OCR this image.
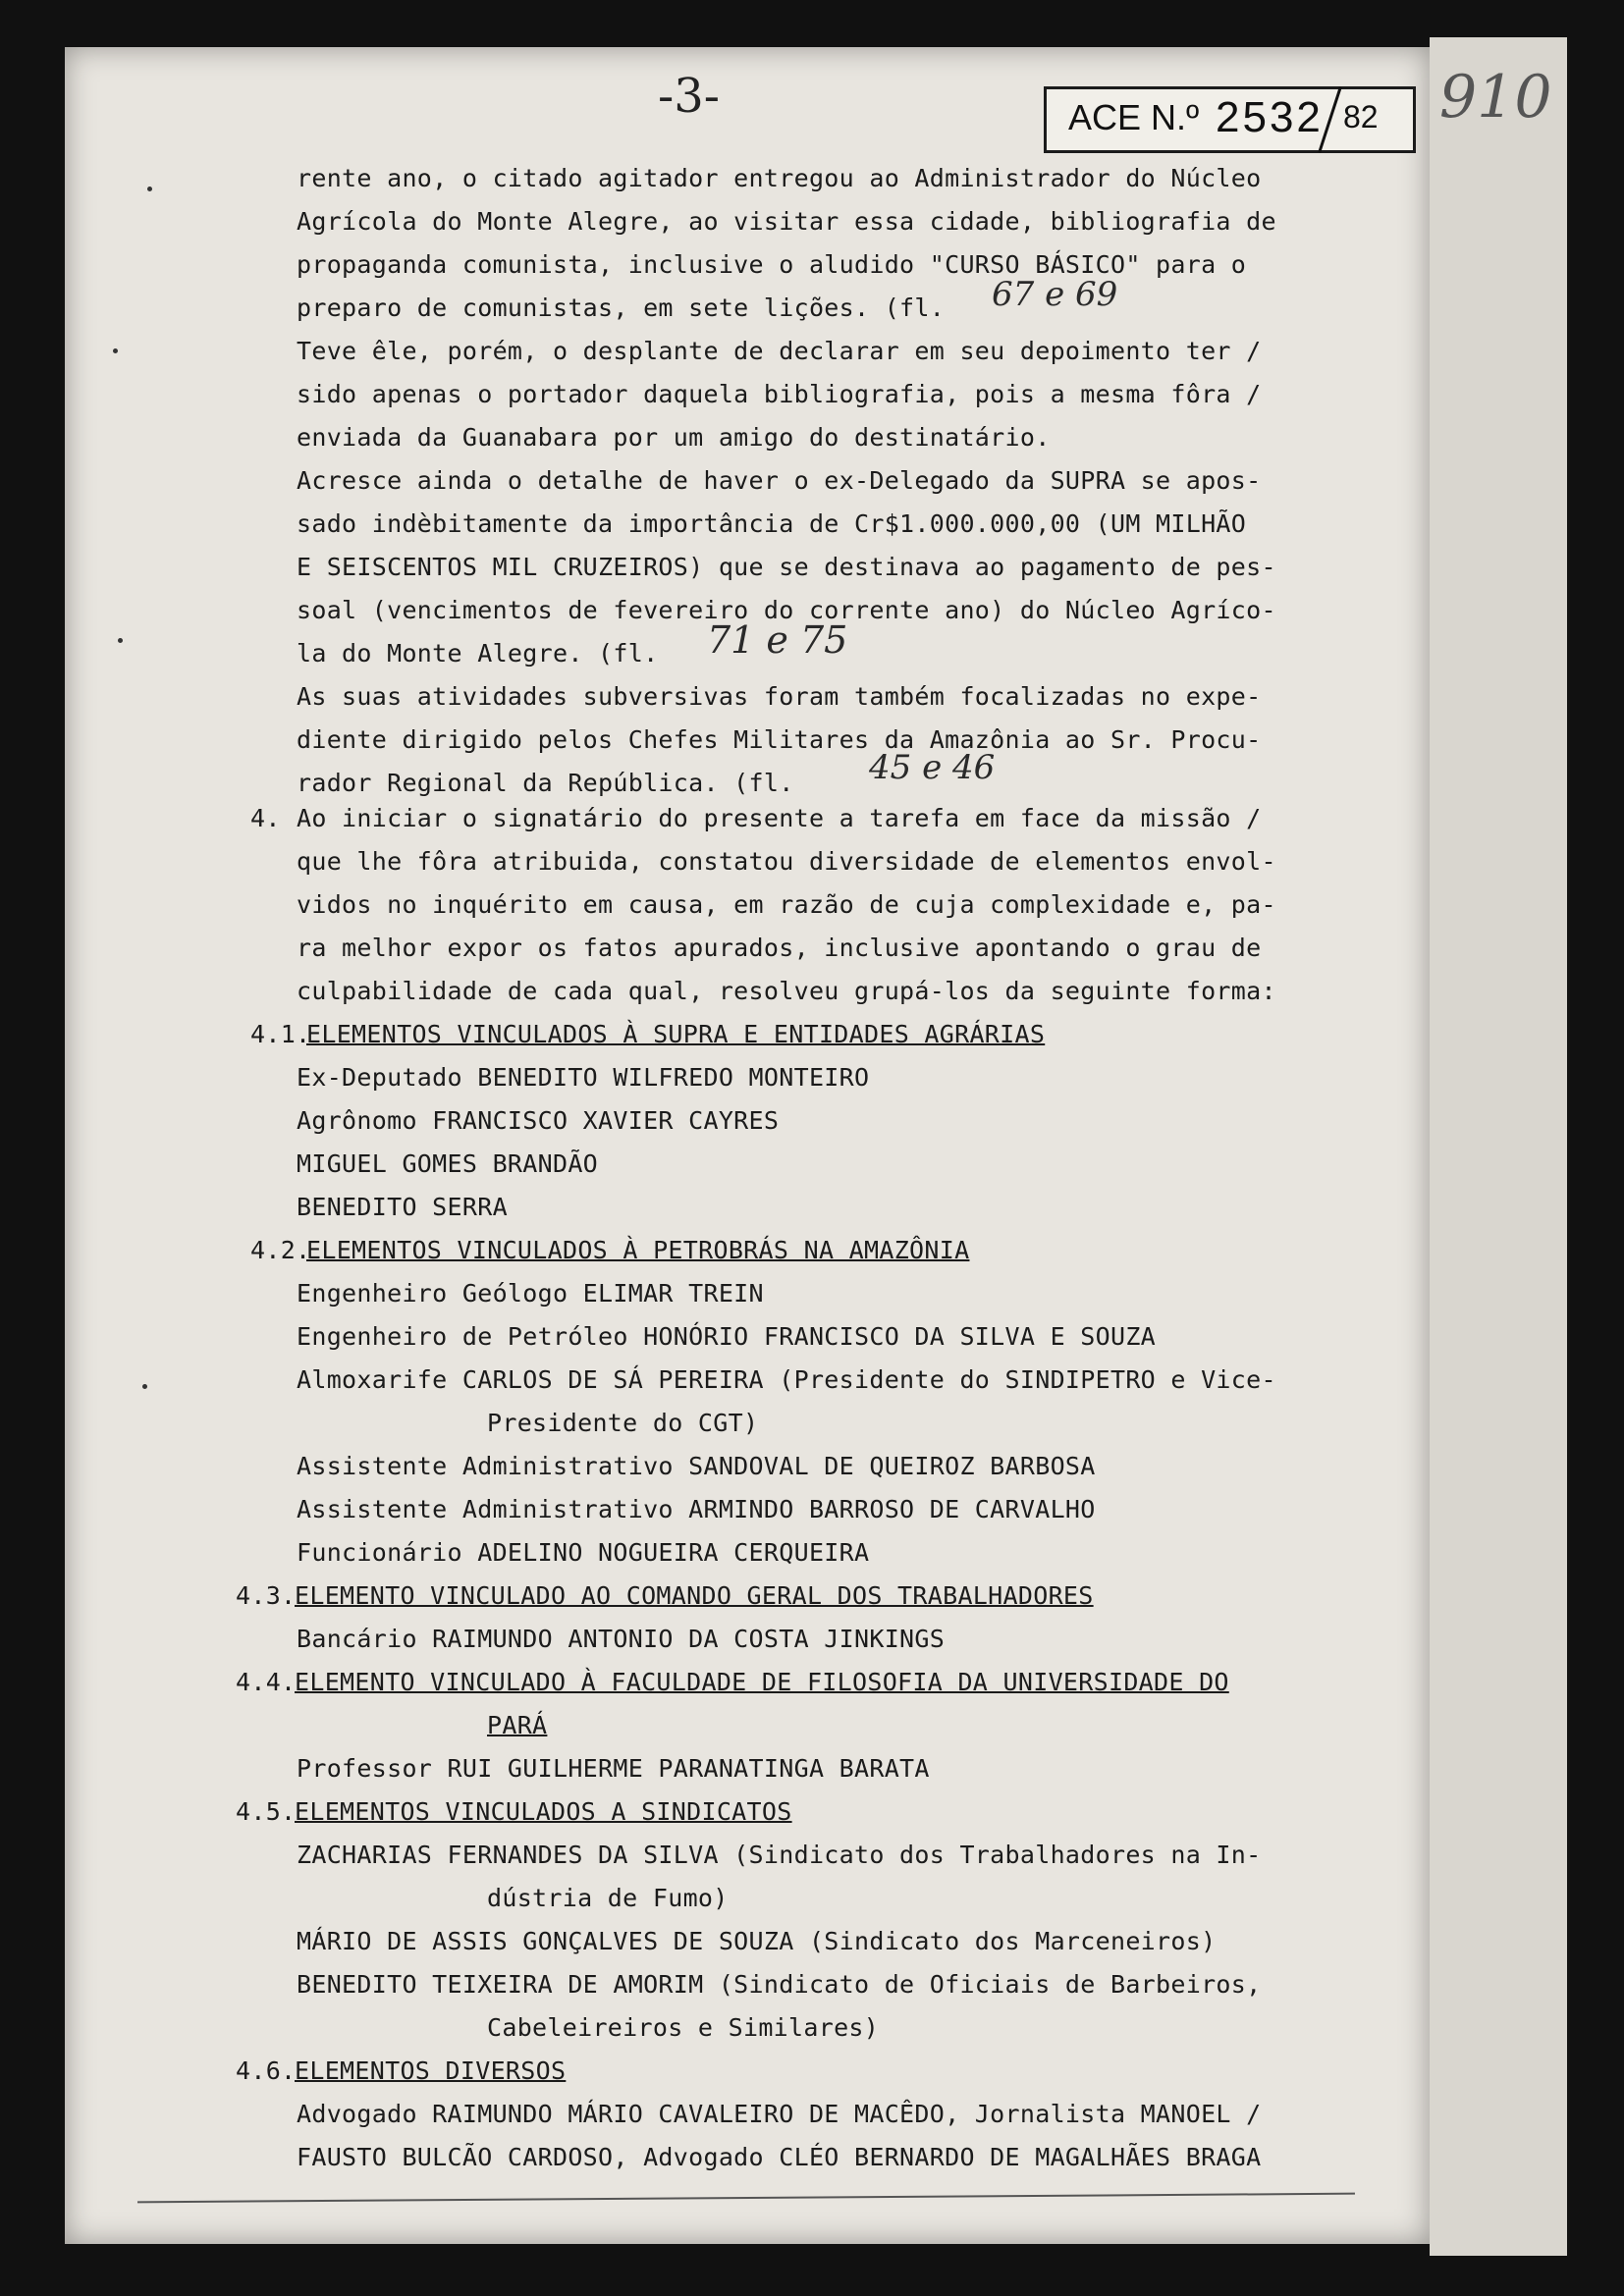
-3-	ACE N.º 2532 82 910
rente ano, o citado agitador entregou ao Administrador do Núcleo
Agrícola do Monte Alegre, ao visitar essa cidade, bibliografia de
propaganda comunista, inclusive o aludido "CURSO BÁSICO" para o
preparo de comunistas, em sete lições. (fl. 67 e 69
Teve êle, porém, o desplante de declarar em seu depoimento ter /
sido apenas o portador daquela bibliografia, pois a mesma fôra /
enviada da Guanabara por um amigo do destinatário.
Acresce ainda o detalhe de haver o ex-Delegado da SUPRA se apos-
sado indèbitamente da importância de Cr$1.000.000,00 (UM MILHÃO
E SEISCENTOS MIL CRUZEIROS) que se destinava ao pagamento de pes-
soal (vencimentos de fevereiro do corrente ano) do Núcleo Agríco-
la do Monte Alegre. (fl. 71 e 75
As suas atividades subversivas foram também focalizadas no expe-
diente dirigido pelos Chefes Militares da Amazônia ao Sr. Procu-
rador Regional da República. (fl. 45 e 46
4. Ao iniciar o signatário do presente a tarefa em face da missão /
que lhe fôra atribuida, constatou diversidade de elementos envol-
vidos no inquérito em causa, em razão de cuja complexidade e, pa-
ra melhor expor os fatos apurados, inclusive apontando o grau de
culpabilidade de cada qual, resolveu grupá-los da seguinte forma:
4.1.
ELEMENTOS VINCULADOS À SUPRA E ENTIDADES AGRÁRIAS
Ex-Deputado BENEDITO WILFREDO MONTEIRO
Agrônomo FRANCISCO XAVIER CAYRES
MIGUEL GOMES BRANDÃO
BENEDITO SERRA
4.2.
ELEMENTOS VINCULADOS À PETROBRÁS NA AMAZÔNIA
Engenheiro Geólogo ELIMAR TREIN
Engenheiro de Petróleo HONÓRIO FRANCISCO DA SILVA E SOUZA
Almoxarife CARLOS DE SÁ PEREIRA (Presidente do SINDIPETRO e Vice-
Presidente do CGT)
Assistente Administrativo SANDOVAL DE QUEIROZ BARBOSA
Assistente Administrativo ARMINDO BARROSO DE CARVALHO
Funcionário ADELINO NOGUEIRA CERQUEIRA
4.3.
ELEMENTO VINCULADO AO COMANDO GERAL DOS TRABALHADORES
Bancário RAIMUNDO ANTONIO DA COSTA JINKINGS
4.4.
ELEMENTO VINCULADO À FACULDADE DE FILOSOFIA DA UNIVERSIDADE DO
PARÁ
Professor RUI GUILHERME PARANATINGA BARATA
4.5.
ELEMENTOS VINCULADOS A SINDICATOS
ZACHARIAS FERNANDES DA SILVA (Sindicato dos Trabalhadores na In-
dústria de Fumo)
MÁRIO DE ASSIS GONÇALVES DE SOUZA (Sindicato dos Marceneiros)
BENEDITO TEIXEIRA DE AMORIM (Sindicato de Oficiais de Barbeiros,
Cabeleireiros e Similares)
4.6.
ELEMENTOS DIVERSOS
Advogado RAIMUNDO MÁRIO CAVALEIRO DE MACÊDO, Jornalista MANOEL /
FAUSTO BULCÃO CARDOSO, Advogado CLÉO BERNARDO DE MAGALHÃES BRAGA
